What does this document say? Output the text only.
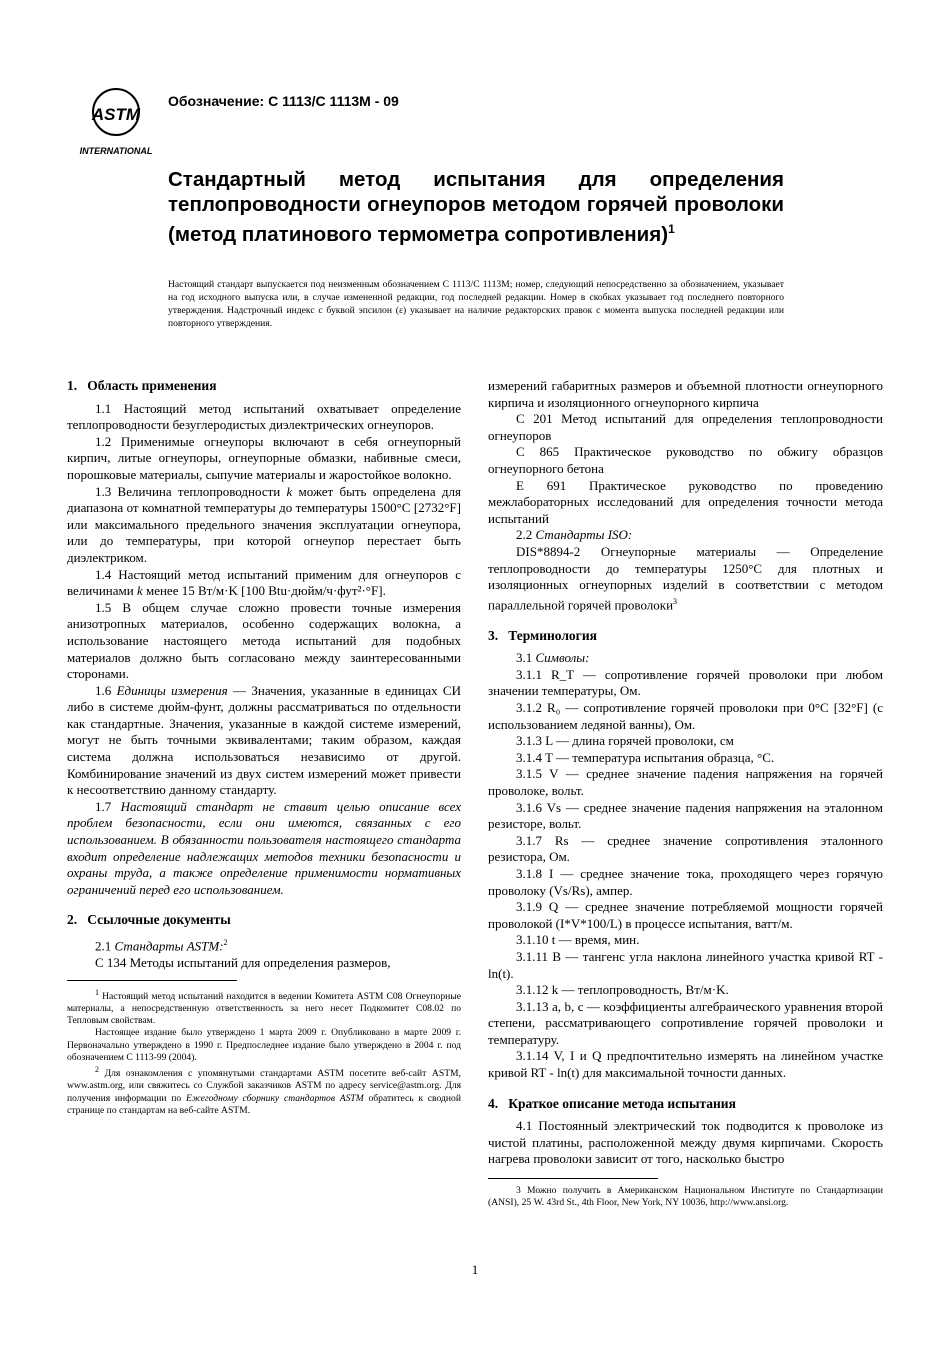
ASTM
INTERNATIONAL
Обозначение: C 1113/C 1113M - 09
Стандартный метод испытания для определения теплопроводности огнеупоров методом горячей проволоки (метод платинового термометра сопротивления)$^1$
Настоящий стандарт выпускается под неизменным обозначением C 1113/C 1113M; номер, следующий непосредственно за обозначением, указывает на год исходного выпуска или, в случае измененной редакции, год последней редакции. Номер в скобках указывает год последнего повторного утверждения. Надстрочный индекс с буквой эпсилон (ε) указывает на наличие редакторских правок с момента выпуска последней редакции или повторного утверждения.

1. Область применения

1.1 Настоящий метод испытаний охватывает определение теплопроводности безуглеродистых диэлектрических огнеупоров.

1.2 Применимые огнеупоры включают в себя огнеупорный кирпич, литые огнеупоры, огнеупорные обмазки, набивные смеси, порошковые материалы, сыпучие материалы и жаростойкое волокно.

1.3 Величина теплопроводности k может быть определена для диапазона от комнатной температуры до температуры 1500°C [2732°F] или максимального предельного значения эксплуатации огнеупора, или до температуры, при которой огнеупор перестает быть диэлектриком.

1.4 Настоящий метод испытаний применим для огнеупоров с величинами k менее 15 Вт/м·K [100 Btu·дюйм/ч·фут²·°F].

1.5 В общем случае сложно провести точные измерения анизотропных материалов, особенно содержащих волокна, а использование настоящего метода испытаний для подобных материалов должно быть согласовано между заинтересованными сторонами.

1.6 Единицы измерения — Значения, указанные в единицах СИ либо в системе дюйм-фунт, должны рассматриваться по отдельности как стандартные. Значения, указанные в каждой системе измерений, могут не быть точными эквивалентами; таким образом, каждая система должна использоваться независимо от другой. Комбинирование значений из двух систем измерений может привести к несоответствию данному стандарту.

1.7 Настоящий стандарт не ставит целью описание всех проблем безопасности, если они имеются, связанных с его использованием. В обязанности пользователя настоящего стандарта входит определение надлежащих методов техники безопасности и охраны труда, а также определение применимости нормативных ограничений перед его использованием.

2. Ссылочные документы

2.1 Стандарты ASTM:$^2$

C 134 Методы испытаний для определения размеров,

$^1$ Настоящий метод испытаний находится в ведении Комитета ASTM C08 Огнеупорные материалы, а непосредственную ответственность за него несет Подкомитет C08.02 по Тепловым свойствам.

Настоящее издание было утверждено 1 марта 2009 г. Опубликовано в марте 2009 г. Первоначально утверждено в 1990 г. Предпоследнее издание было утверждено в 2004 г. под обозначением C 1113-99 (2004).

$^2$ Для ознакомления с упомянутыми стандартами ASTM посетите веб-сайт ASTM, www.astm.org, или свяжитесь со Службой заказчиков ASTM по адресу service@astm.org. Для получения информации по Ежегодному сборнику стандартов ASTM обратитесь к сводной странице по стандартам на веб-сайте ASTM.

измерений габаритных размеров и объемной плотности огнеупорного кирпича и изоляционного огнеупорного кирпича

C 201 Метод испытаний для определения теплопроводности огнеупоров

C 865 Практическое руководство по обжигу образцов огнеупорного бетона

E 691 Практическое руководство по проведению межлабораторных исследований для определения точности метода испытаний

2.2 Стандарты ISO:

DIS*8894-2 Огнеупорные материалы — Определение теплопроводности до температуры 1250°C для плотных и изоляционных огнеупорных изделий в соответствии с методом параллельной горячей проволоки$^3$

3. Терминология

3.1 Символы:

3.1.1 R_T — сопротивление горячей проволоки при любом значении температуры, Ом.

3.1.2 R₀ — сопротивление горячей проволоки при 0°C [32°F] (с использованием ледяной ванны), Ом.

3.1.3 L — длина горячей проволоки, см

3.1.4 T — температура испытания образца, °C.

3.1.5 V — среднее значение падения напряжения на горячей проволоке, вольт.

3.1.6 Vs — среднее значение падения напряжения на эталонном резисторе, вольт.

3.1.7 Rs — среднее значение сопротивления эталонного резистора, Ом.

3.1.8 I — среднее значение тока, проходящего через горячую проволоку (Vs/Rs), ампер.

3.1.9 Q — среднее значение потребляемой мощности горячей проволокой (I*V*100/L) в процессе испытания, ватт/м.

3.1.10 t — время, мин.

3.1.11 B — тангенс угла наклона линейного участка кривой RT - ln(t).

3.1.12 k — теплопроводность, Вт/м·K.

3.1.13 a, b, c — коэффициенты алгебраического уравнения второй степени, рассматривающего сопротивление горячей проволоки и температуру.

3.1.14 V, I и Q предпочтительно измерять на линейном участке кривой RT - ln(t) для максимальной точности данных.

4. Краткое описание метода испытания

4.1 Постоянный электрический ток подводится к проволоке из чистой платины, расположенной между двумя кирпичами. Скорость нагрева проволоки зависит от того, насколько быстро

3 Можно получить в Американском Национальном Институте по Стандартизации (ANSI), 25 W. 43rd St., 4th Floor, New York, NY 10036, http://www.ansi.org.

1
